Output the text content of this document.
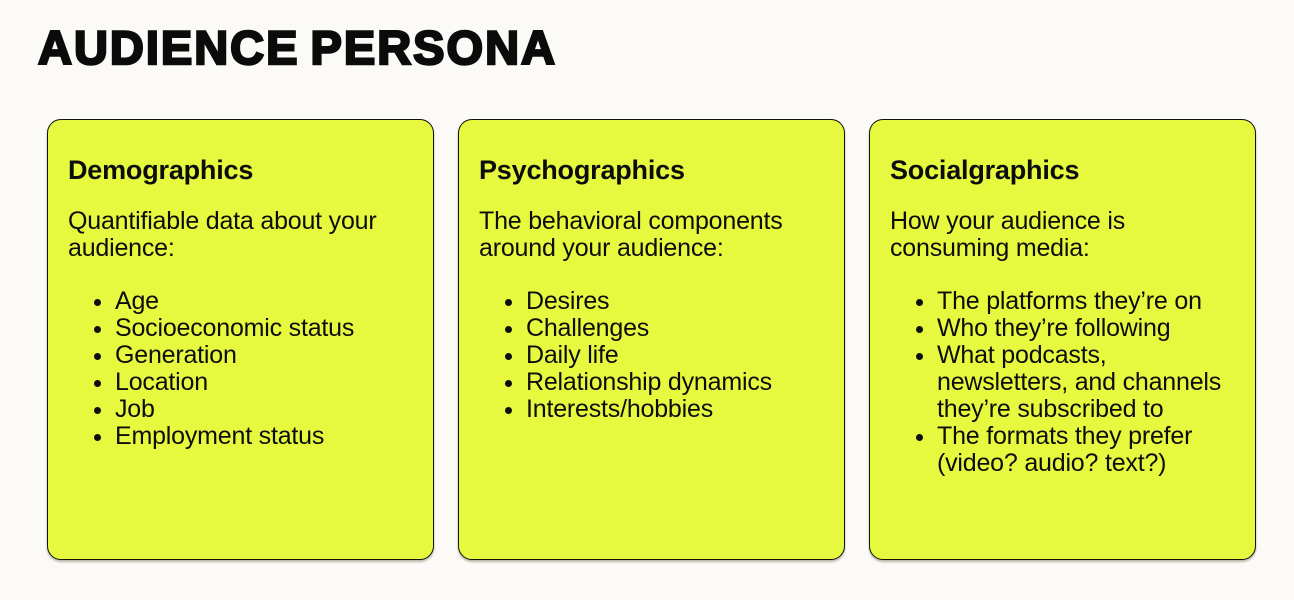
AUDIENCE PERSONA
Demographics

Quantifiable data about your audience:

• Age
• Socioeconomic status
• Generation
• Location
• Job
• Employment status
Psychographics

The behavioral components around your audience:

• Desires
• Challenges
• Daily life
• Relationship dynamics
• Interests/hobbies
Socialgraphics

How your audience is consuming media:

• The platforms they’re on
• Who they’re following
• What podcasts, newsletters, and channels they’re subscribed to
• The formats they prefer (video? audio? text?)
